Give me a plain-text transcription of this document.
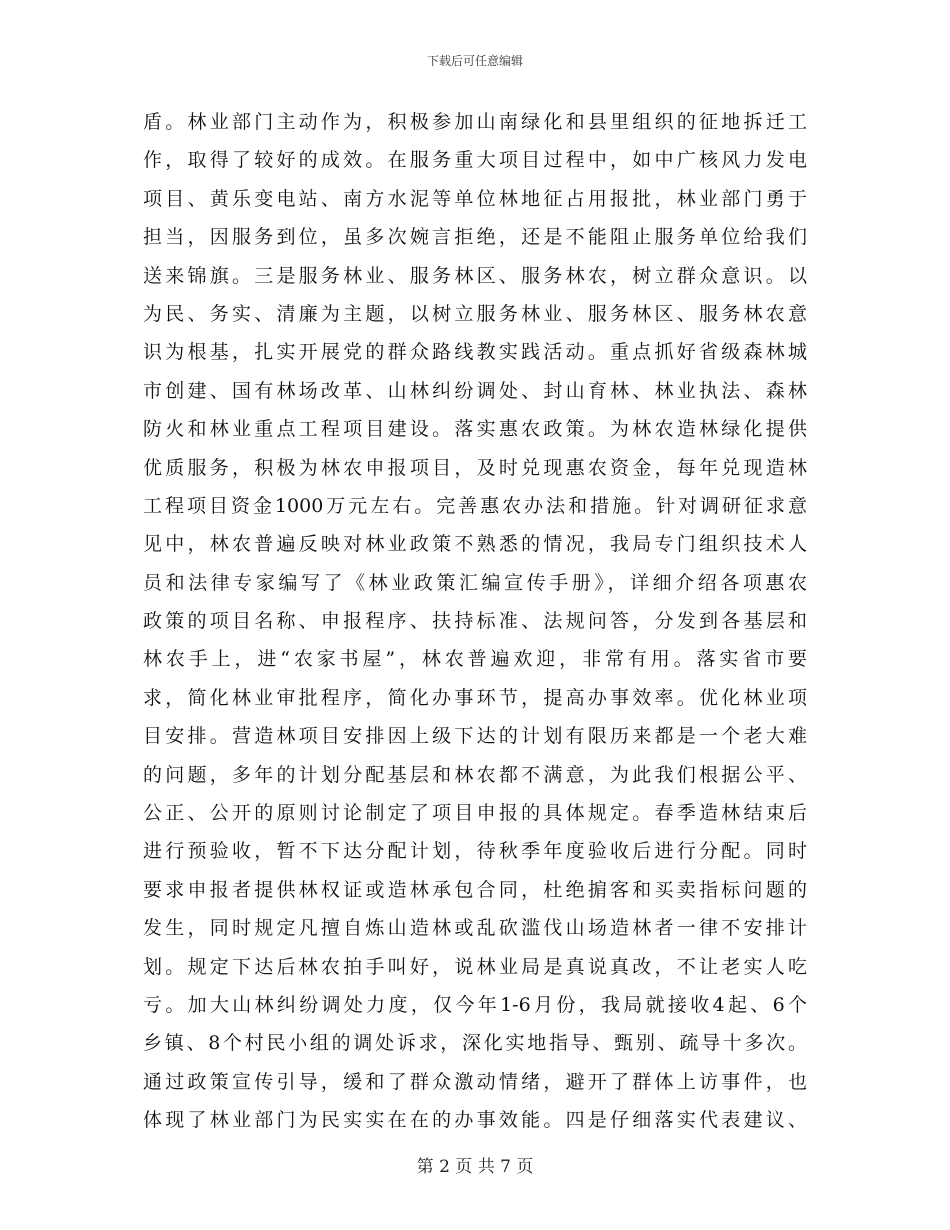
下载后可任意编辑
盾。林业部门主动作为，积极参加山南绿化和县里组织的征地拆迁工
作，取得了较好的成效。在服务重大项目过程中，如中广核风力发电
项目、黄乐变电站、南方水泥等单位林地征占用报批，林业部门勇于
担当，因服务到位，虽多次婉言拒绝，还是不能阻止服务单位给我们
送来锦旗。三是服务林业、服务林区、服务林农，树立群众意识。以
为民、务实、清廉为主题，以树立服务林业、服务林区、服务林农意
识为根基，扎实开展党的群众路线教实践活动。重点抓好省级森林城
市创建、国有林场改革、山林纠纷调处、封山育林、林业执法、森林
防火和林业重点工程项目建设。落实惠农政策。为林农造林绿化提供
优质服务，积极为林农申报项目，及时兑现惠农资金，每年兑现造林
工程项目资金1000万元左右。完善惠农办法和措施。针对调研征求意
见中，林农普遍反映对林业政策不熟悉的情况，我局专门组织技术人
员和法律专家编写了《林业政策汇编宣传手册》，详细介绍各项惠农
政策的项目名称、申报程序、扶持标准、法规问答，分发到各基层和
林农手上，进“农家书屋”，林农普遍欢迎，非常有用。落实省市要
求，简化林业审批程序，简化办事环节，提高办事效率。优化林业项
目安排。营造林项目安排因上级下达的计划有限历来都是一个老大难
的问题，多年的计划分配基层和林农都不满意，为此我们根据公平、
公正、公开的原则讨论制定了项目申报的具体规定。春季造林结束后
进行预验收，暂不下达分配计划，待秋季年度验收后进行分配。同时
要求申报者提供林权证或造林承包合同，杜绝掮客和买卖指标问题的
发生，同时规定凡擅自炼山造林或乱砍滥伐山场造林者一律不安排计
划。规定下达后林农拍手叫好，说林业局是真说真改，不让老实人吃
亏。加大山林纠纷调处力度，仅今年1-6月份，我局就接收4起、6个
乡镇、8个村民小组的调处诉求，深化实地指导、甄别、疏导十多次。
通过政策宣传引导，缓和了群众激动情绪，避开了群体上访事件，也
体现了林业部门为民实实在在的办事效能。四是仔细落实代表建议、
第 2 页 共 7 页
